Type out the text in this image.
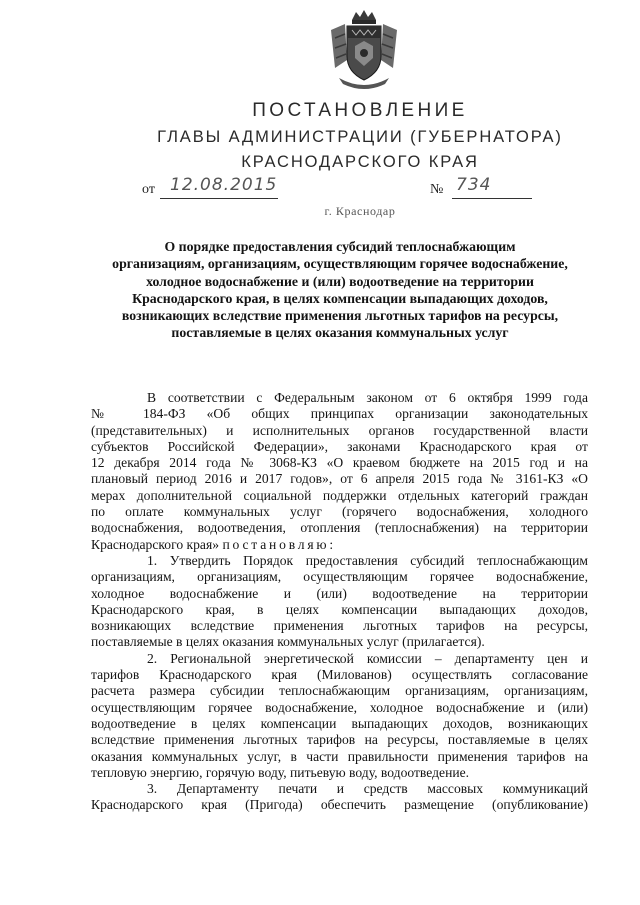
ПОСТАНОВЛЕНИЕ
ГЛАВЫ АДМИНИСТРАЦИИ (ГУБЕРНАТОРА)
КРАСНОДАРСКОГО КРАЯ
от 12.08.2015	№ 734
г. Краснодар
О порядке предоставления субсидий теплоснабжающим
организациям, организациям, осуществляющим горячее водоснабжение,
холодное водоснабжение и (или) водоотведение на территории
Краснодарского края, в целях компенсации выпадающих доходов,
возникающих вследствие применения льготных тарифов на ресурсы,
поставляемые в целях оказания коммунальных услуг
В соответствии с Федеральным законом от 6 октября 1999 года
№ 184-ФЗ «Об общих принципах организации законодательных
(представительных) и исполнительных органов государственной власти
субъектов Российской Федерации», законами Краснодарского края от
12 декабря 2014 года № 3068-КЗ «О краевом бюджете на 2015 год и на
плановый период 2016 и 2017 годов», от 6 апреля 2015 года № 3161-КЗ «О
мерах дополнительной социальной поддержки отдельных категорий граждан
по оплате коммунальных услуг (горячего водоснабжения, холодного
водоснабжения, водоотведения, отопления (теплоснабжения) на территории
Краснодарского края» постановляю:
1. Утвердить Порядок предоставления субсидий теплоснабжающим
организациям, организациям, осуществляющим горячее водоснабжение,
холодное водоснабжение и (или) водоотведение на территории
Краснодарского края, в целях компенсации выпадающих доходов,
возникающих вследствие применения льготных тарифов на ресурсы,
поставляемые в целях оказания коммунальных услуг (прилагается).
2. Региональной энергетической комиссии – департаменту цен и
тарифов Краснодарского края (Милованов) осуществлять согласование
расчета размера субсидии теплоснабжающим организациям, организациям,
осуществляющим горячее водоснабжение, холодное водоснабжение и (или)
водоотведение в целях компенсации выпадающих доходов, возникающих
вследствие применения льготных тарифов на ресурсы, поставляемые в целях
оказания коммунальных услуг, в части правильности применения тарифов на
тепловую энергию, горячую воду, питьевую воду, водоотведение.
3. Департаменту печати и средств массовых коммуникаций
Краснодарского края (Пригода) обеспечить размещение (опубликование)
